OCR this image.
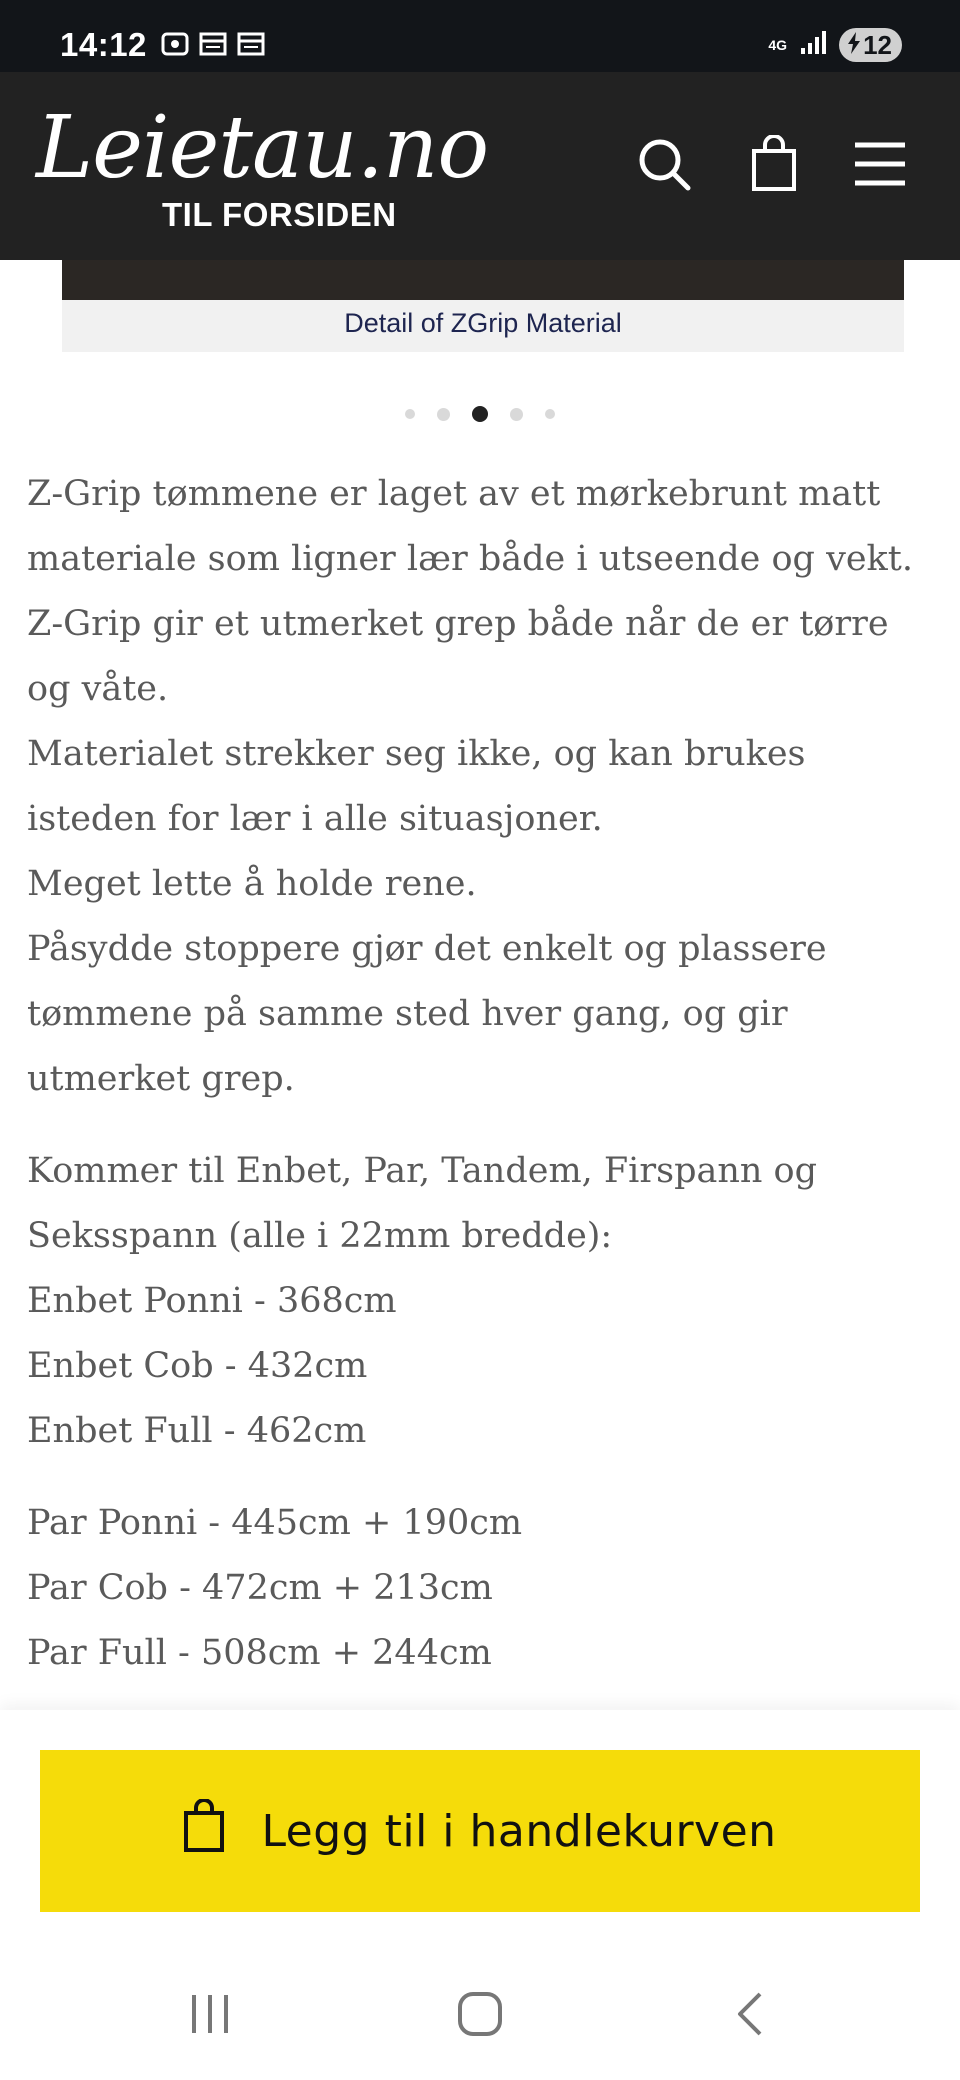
14:12	4G	12
Leietau.no
TIL FORSIDEN
Detail of ZGrip Material

Z-Grip tømmene er laget av et mørkebrunt matt materiale som ligner lær både i utseende og vekt.

Z-Grip gir et utmerket grep både når de er tørre og våte.

Materialet strekker seg ikke, og kan brukes isteden for lær i alle situasjoner.

Meget lette å holde rene.

Påsydde stoppere gjør det enkelt og plassere tømmene på samme sted hver gang, og gir utmerket grep.

Kommer til Enbet, Par, Tandem, Firspann og Seksspann (alle i 22mm bredde):

Enbet Ponni - 368cm

Enbet Cob - 432cm

Enbet Full - 462cm

Par Ponni - 445cm + 190cm

Par Cob - 472cm + 213cm

Par Full - 508cm + 244cm

Legg til i handlekurven
